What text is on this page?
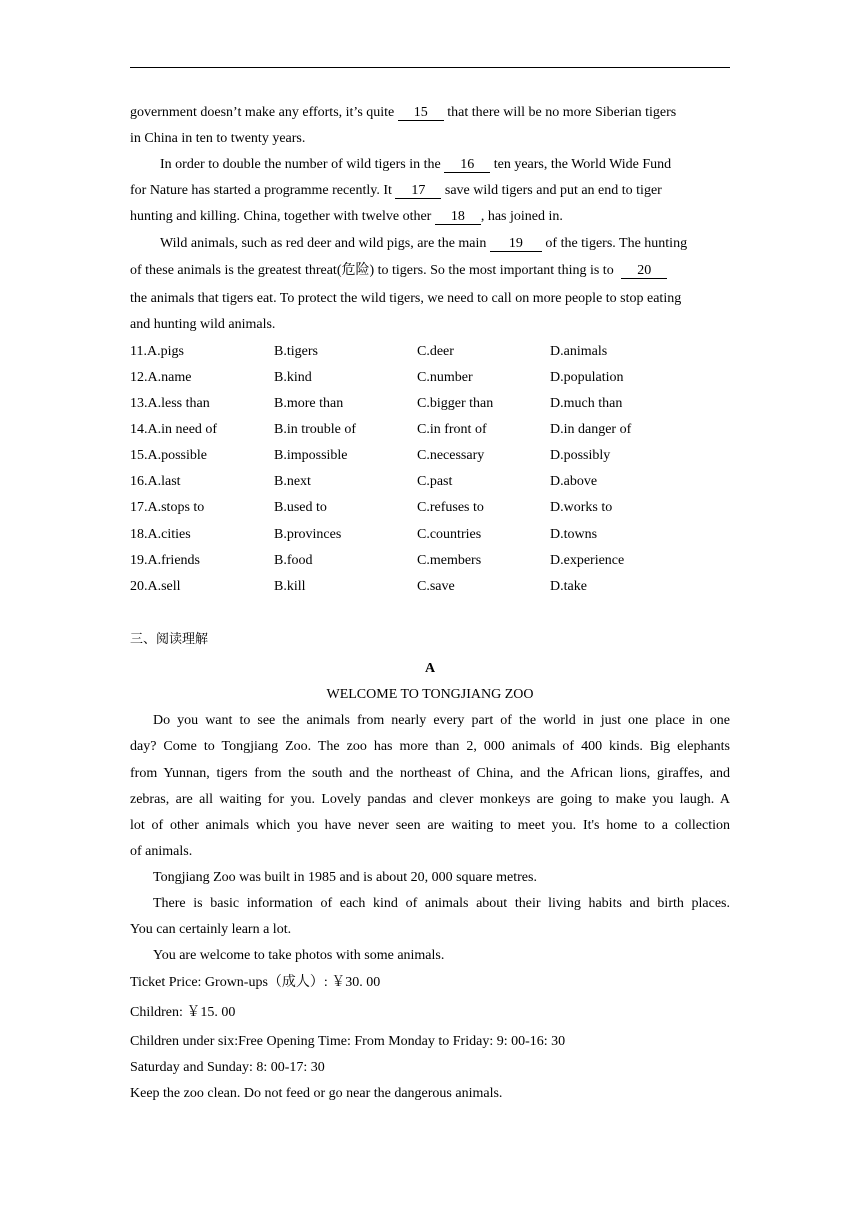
government doesn’t make any efforts, it’s quite 15 that there will be no more Siberian tigers
in China in ten to twenty years.
In order to double the number of wild tigers in the 16 ten years, the World Wide Fund
for Nature has started a programme recently. It 17 save wild tigers and put an end to tiger
hunting and killing. China, together with twelve other 18 , has joined in.
Wild animals, such as red deer and wild pigs, are the main 19 of the tigers. The hunting
of these animals is the greatest threat(危险) to tigers. So the most important thing is to 20
the animals that tigers eat. To protect the wild tigers, we need to call on more people to stop eating
and hunting wild animals.
11.A.pigs	B.tigers	C.deer	D.animals
12.A.name	B.kind	C.number	D.population
13.A.less than	B.more than	C.bigger than	D.much than
14.A.in need of	B.in trouble of	C.in front of	D.in danger of
15.A.possible	B.impossible	C.necessary	D.possibly
16.A.last	B.next	C.past	D.above
17.A.stops to	B.used to	C.refuses to	D.works to
18.A.cities	B.provinces	C.countries	D.towns
19.A.friends	B.food	C.members	D.experience
20.A.sell	B.kill	C.save	D.take
三、阅读理解
A
WELCOME TO TONGJIANG ZOO
Do you want to see the animals from nearly every part of the world in just one place in one
day? Come to Tongjiang Zoo. The zoo has more than 2, 000 animals of 400 kinds. Big elephants
from Yunnan, tigers from the south and the northeast of China, and the African lions, giraffes, and
zebras, are all waiting for you. Lovely pandas and clever monkeys are going to make you laugh. A
lot of other animals which you have never seen are waiting to meet you. It's home to a collection
of animals.
Tongjiang Zoo was built in 1985 and is about 20, 000 square metres.
There is basic information of each kind of animals about their living habits and birth places.
You can certainly learn a lot.
You are welcome to take photos with some animals.
Ticket Price: Grown-ups（成人）: ￥30. 00
Children: ￥15. 00
Children under six:Free Opening Time: From Monday to Friday: 9: 00-16: 30
Saturday and Sunday: 8: 00-17: 30
Keep the zoo clean. Do not feed or go near the dangerous animals.
